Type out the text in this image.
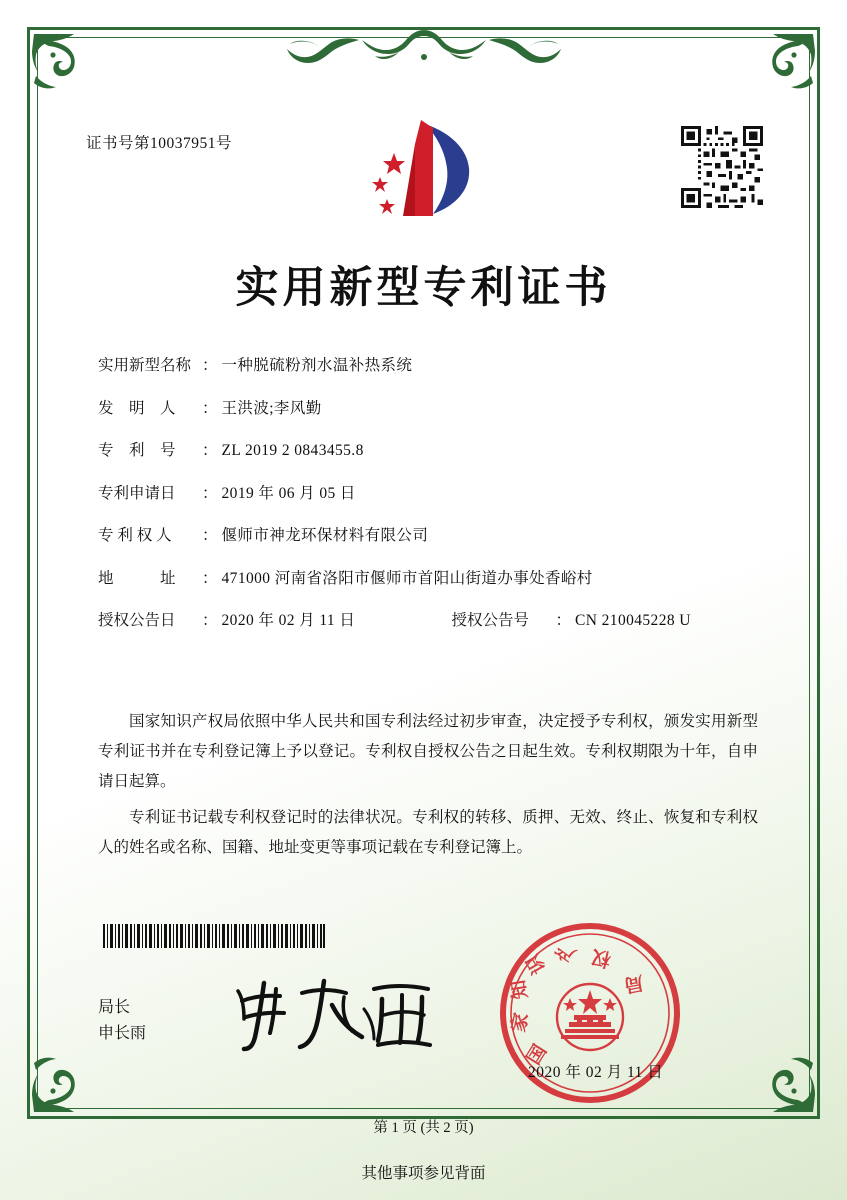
证书号第10037951号
实用新型专利证书
实用新型名称 ： 一种脱硫粉剂水温补热系统
发　明　人	： 王洪波;李风勤
专　利　号	： ZL 2019 2 0843455.8
专利申请日	： 2019 年 06 月 05 日
专 利 权 人	： 偃师市神龙环保材料有限公司
地　　　址	： 471000 河南省洛阳市偃师市首阳山街道办事处香峪村
授权公告日	： 2020 年 02 月 11 日	授权公告号	： CN 210045228 U

国家知识产权局依照中华人民共和国专利法经过初步审查，决定授予专利权，颁发实用新型专利证书并在专利登记簿上予以登记。专利权自授权公告之日起生效。专利权期限为十年，自申请日起算。

专利证书记载专利权登记时的法律状况。专利权的转移、质押、无效、终止、恢复和专利权人的姓名或名称、国籍、地址变更等事项记载在专利登记簿上。

局长
申长雨
国
家
知
识 产 权
局
2020 年 02 月 11 日
第 1 页 (共 2 页)
其他事项参见背面
